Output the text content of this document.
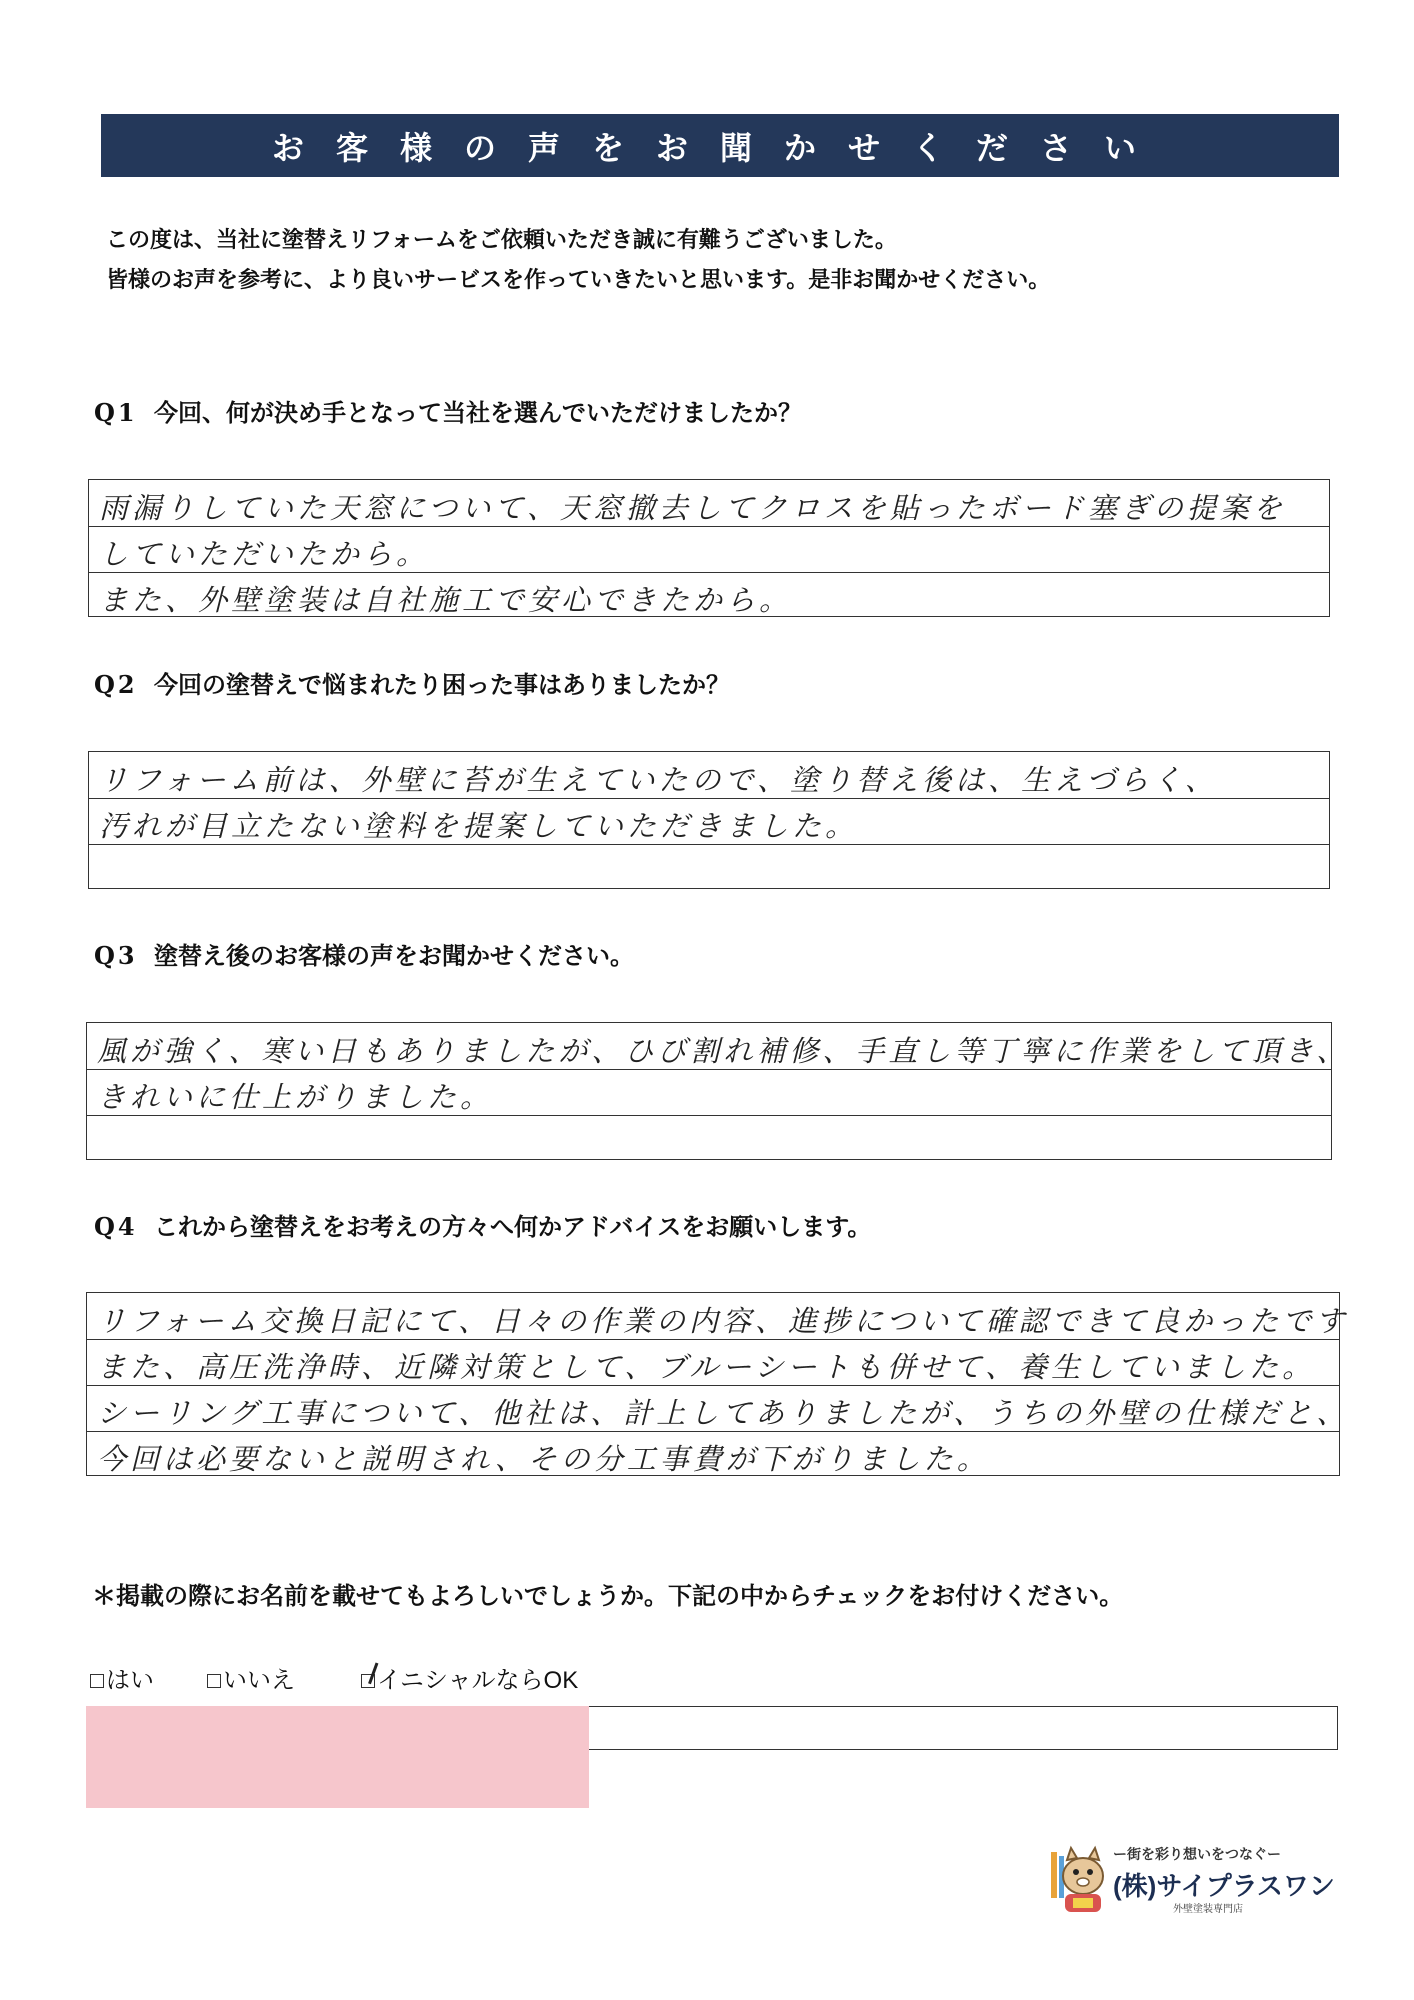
お客様の声をお聞かせください
この度は、当社に塗替えリフォームをご依頼いただき誠に有難うございました。
皆様のお声を参考に、より良いサービスを作っていきたいと思います。是非お聞かせください。
Q1 今回、何が決め手となって当社を選んでいただけましたか？
雨漏りしていた天窓について、天窓撤去してクロスを貼ったボード塞ぎの提案を
していただいたから。
また、外壁塗装は自社施工で安心できたから。
Q2 今回の塗替えで悩まれたり困った事はありましたか？
リフォーム前は、外壁に苔が生えていたので、塗り替え後は、生えづらく、
汚れが目立たない塗料を提案していただきました。
Q3 塗替え後のお客様の声をお聞かせください。
風が強く、寒い日もありましたが、ひび割れ補修、手直し等丁寧に作業をして頂き、
きれいに仕上がりました。
Q4 これから塗替えをお考えの方々へ何かアドバイスをお願いします。
リフォーム交換日記にて、日々の作業の内容、進捗について確認できて良かったです
また、高圧洗浄時、近隣対策として、ブルーシートも併せて、養生していました。
シーリング工事について、他社は、計上してありましたが、うちの外壁の仕様だと、
今回は必要ないと説明され、その分工事費が下がりました。
＊掲載の際にお名前を載せてもよろしいでしょうか。下記の中からチェックをお付けください。
はい	いいえ	イニシャルならOK
ー街を彩り想いをつなぐー
(株)サイプラスワン
外壁塗装専門店
